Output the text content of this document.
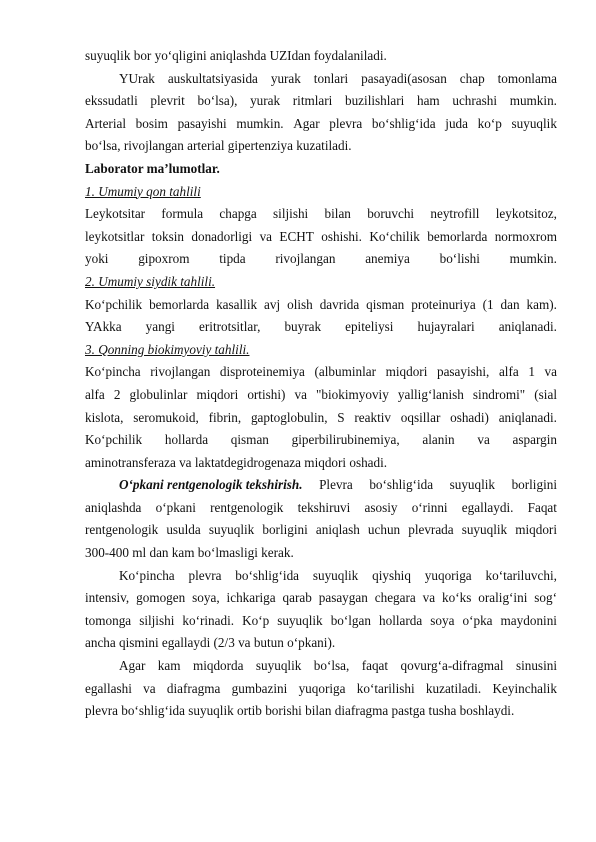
suyuqlik bor yo‘qligini aniqlashda UZIdan foydalaniladi.
YUrak auskultatsiyasida yurak tonlari pasayadi(asosan chap tomonlama
ekssudatli plevrit bo‘lsa), yurak ritmlari buzilishlari ham uchrashi mumkin.
Arterial bosim pasayishi mumkin. Agar plevra bo‘shlig‘ida juda ko‘p suyuqlik
bo‘lsa, rivojlangan arterial gipertenziya kuzatiladi.
Laborator ma’lumotlar.
1. Umumiy qon tahlili
Leykotsitar formula chapga siljishi bilan boruvchi neytrofill leykotsitoz,
leykotsitlar toksin donadorligi va ECHT oshishi. Ko‘chilik bemorlarda normoxrom
yoki gipoxrom tipda rivojlangan anemiya bo‘lishi mumkin.
2. Umumiy siydik tahlili.
Ko‘pchilik bemorlarda kasallik avj olish davrida qisman proteinuriya (1 dan kam).
YAkka yangi eritrotsitlar, buyrak epiteliysi hujayralari aniqlanadi.
3. Qonning biokimyoviy tahlili.
Ko‘pincha rivojlangan disproteinemiya (albuminlar miqdori pasayishi, alfa 1 va
alfa 2 globulinlar miqdori ortishi) va "biokimyoviy yallig‘lanish sindromi" (sial
kislota, seromukoid, fibrin, gaptoglobulin, S reaktiv oqsillar oshadi) aniqlanadi.
Ko‘pchilik hollarda qisman giperbilirubinemiya, alanin va aspargin
aminotransferaza va laktatdegidrogenaza miqdori oshadi.
O‘pkani rentgenologik tekshirish. Plevra bo‘shlig‘ida suyuqlik borligini
aniqlashda o‘pkani rentgenologik tekshiruvi asosiy o‘rinni egallaydi. Faqat
rentgenologik usulda suyuqlik borligini aniqlash uchun plevrada suyuqlik miqdori
300-400 ml dan kam bo‘lmasligi kerak.
Ko‘pincha plevra bo‘shlig‘ida suyuqlik qiyshiq yuqoriga ko‘tariluvchi,
intensiv, gomogen soya, ichkariga qarab pasaygan chegara va ko‘ks oralig‘ini sog‘
tomonga siljishi ko‘rinadi. Ko‘p suyuqlik bo‘lgan hollarda soya o‘pka maydonini
ancha qismini egallaydi (2/3 va butun o‘pkani).
Agar kam miqdorda suyuqlik bo‘lsa, faqat qovurg‘a-difragmal sinusini
egallashi va diafragma gumbazini yuqoriga ko‘tarilishi kuzatiladi. Keyinchalik
plevra bo‘shlig‘ida suyuqlik ortib borishi bilan diafragma pastga tusha boshlaydi.
